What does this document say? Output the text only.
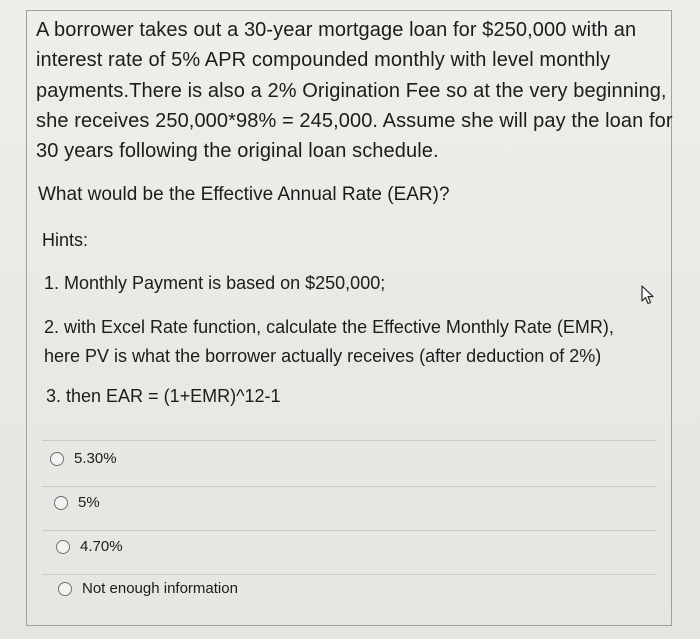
A borrower takes out a 30-year mortgage loan for $250,000 with an
interest rate of 5% APR compounded monthly with level monthly
payments.There is also a 2% Origination Fee so at the very beginning,
she receives 250,000*98% = 245,000. Assume she will pay the loan for
30 years following the original loan schedule.
What would be the Effective Annual Rate (EAR)?
Hints:
1. Monthly Payment is based on $250,000;
2. with Excel Rate function, calculate the Effective Monthly Rate (EMR),
here PV is what the borrower actually receives (after deduction of 2%)
3. then EAR = (1+EMR)^12-1
5.30%
5%
4.70%
Not enough information
